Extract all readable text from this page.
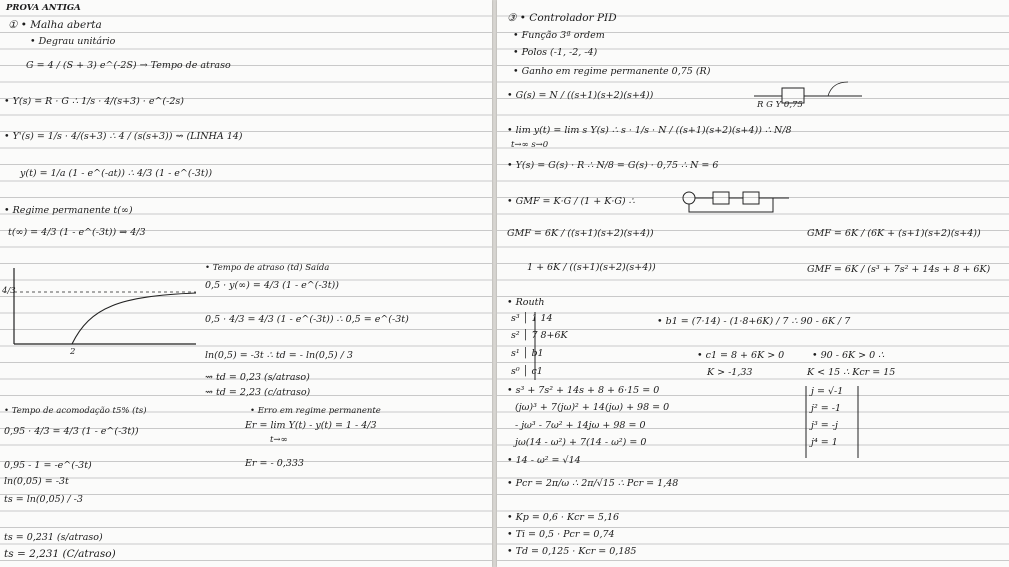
PROVA ANTIGA
① • Malha aberta
• Degrau unitário
G = 4 / (S + 3) e^(-2S) → Tempo de atraso
• Y(s) = R · G ∴ 1/s · 4/(s+3) · e^(-2s)
• Y'(s) = 1/s · 4/(s+3) ∴ 4 / (s(s+3)) ⇝ (LINHA 14)
y(t) = 1/a (1 - e^(-at)) ∴ 4/3 (1 - e^(-3t))
• Regime permanente t(∞)
t(∞) = 4/3 (1 - e^(-3t)) ⇒ 4/3
4/3
2
• Tempo de atraso (td) Saída
0,5 · y(∞) = 4/3 (1 - e^(-3t))
0,5 · 4/3 = 4/3 (1 - e^(-3t)) ∴ 0,5 = e^(-3t)
ln(0,5) = -3t ∴ td = - ln(0,5) / 3
⇝ td = 0,23 (s/atraso)
⇝ td = 2,23 (c/atraso)
• Tempo de acomodação t5% (ts)	• Erro em regime permanente
0,95 · 4/3 = 4/3 (1 - e^(-3t))
Er = lim Y(t) - y(t) = 1 - 4/3
t→∞
Er = - 0,333
0,95 - 1 = -e^(-3t)
ln(0,05) = -3t
ts = ln(0,05) / -3
ts = 0,231 (s/atraso)
ts = 2,231 (C/atraso)
③ • Controlador PID
• Função 3ª ordem
• Polos (-1, -2, -4)
• Ganho em regime permanente 0,75 (R)
• G(s) = N / ((s+1)(s+2)(s+4))
R G Y 0,75
• lim y(t) = lim s Y(s) ∴ s · 1/s · N / ((s+1)(s+2)(s+4)) ∴ N/8
t→∞ s→0
• Y(s) = G(s) · R ∴ N/8 = G(s) · 0,75 ∴ N = 6
• GMF = K·G / (1 + K·G) ∴
GMF = 6K / ((s+1)(s+2)(s+4))	GMF = 6K / (6K + (s+1)(s+2)(s+4))
1 + 6K / ((s+1)(s+2)(s+4))	GMF = 6K / (s³ + 7s² + 14s + 8 + 6K)
• Routh
s³ │ 1 14
s² │ 7 8+6K
s¹ │ b1
s⁰ │ c1
• b1 = (7·14) - (1·8+6K) / 7 ∴ 90 - 6K / 7
• c1 = 8 + 6K > 0	• 90 - 6K > 0 ∴
K > -1,33	K < 15 ∴ Kcr = 15
• s³ + 7s² + 14s + 8 + 6·15 = 0
(jω)³ + 7(jω)² + 14(jω) + 98 = 0
- jω³ - 7ω² + 14jω + 98 = 0
jω(14 - ω²) + 7(14 - ω²) = 0
• 14 - ω² = √14
• Pcr = 2π/ω ∴ 2π/√15 ∴ Pcr = 1,48
j = √-1
j² = -1
j³ = -j
j⁴ = 1
• Kp = 0,6 · Kcr = 5,16
• Ti = 0,5 · Pcr = 0,74
• Td = 0,125 · Kcr = 0,185
